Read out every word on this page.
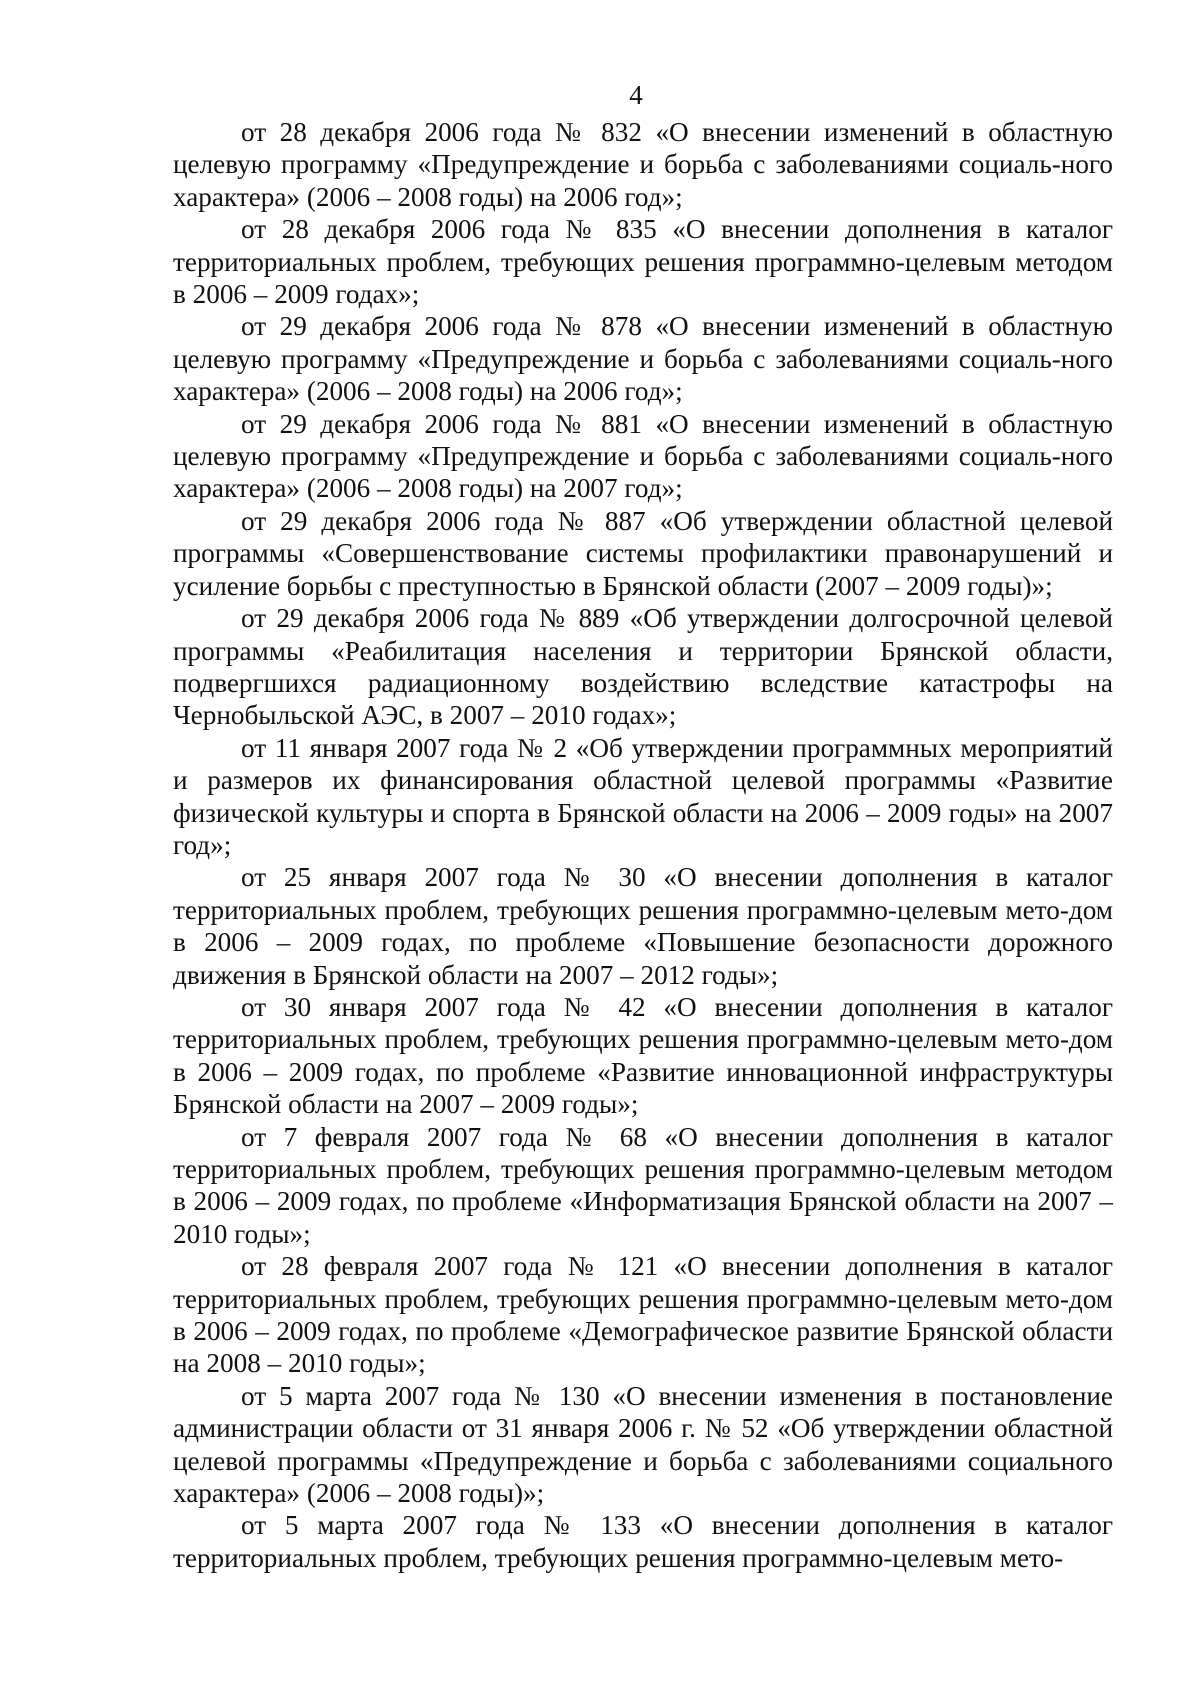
4

от 28 декабря 2006 года № 832 «О внесении изменений в областную целевую программу «Предупреждение и борьба с заболеваниями социаль-ного характера» (2006 – 2008 годы) на 2006 год»;

от 28 декабря 2006 года № 835 «О внесении дополнения в каталог территориальных проблем, требующих решения программно-целевым методом в 2006 – 2009 годах»;

от 29 декабря 2006 года № 878 «О внесении изменений в областную целевую программу «Предупреждение и борьба с заболеваниями социаль-ного характера» (2006 – 2008 годы) на 2006 год»;

от 29 декабря 2006 года № 881 «О внесении изменений в областную целевую программу «Предупреждение и борьба с заболеваниями социаль-ного характера» (2006 – 2008 годы) на 2007 год»;

от 29 декабря 2006 года № 887 «Об утверждении областной целевой программы «Совершенствование системы профилактики правонарушений и усиление борьбы с преступностью в Брянской области (2007 – 2009 годы)»;

от 29 декабря 2006 года № 889 «Об утверждении долгосрочной целевой программы «Реабилитация населения и территории Брянской области, подвергшихся радиационному воздействию вследствие катастрофы на Чернобыльской АЭС, в 2007 – 2010 годах»;

от 11 января 2007 года № 2 «Об утверждении программных мероприятий и размеров их финансирования областной целевой программы «Развитие физической культуры и спорта в Брянской области на 2006 – 2009 годы» на 2007 год»;

от 25 января 2007 года № 30 «О внесении дополнения в каталог территориальных проблем, требующих решения программно-целевым мето-дом в 2006 – 2009 годах, по проблеме «Повышение безопасности дорожного движения в Брянской области на 2007 – 2012 годы»;

от 30 января 2007 года № 42 «О внесении дополнения в каталог территориальных проблем, требующих решения программно-целевым мето-дом в 2006 – 2009 годах, по проблеме «Развитие инновационной инфраструктуры Брянской области на 2007 – 2009 годы»;

от 7 февраля 2007 года № 68 «О внесении дополнения в каталог территориальных проблем, требующих решения программно-целевым методом в 2006 – 2009 годах, по проблеме «Информатизация Брянской области на 2007 – 2010 годы»;

от 28 февраля 2007 года № 121 «О внесении дополнения в каталог территориальных проблем, требующих решения программно-целевым мето-дом в 2006 – 2009 годах, по проблеме «Демографическое развитие Брянской области на 2008 – 2010 годы»;

от 5 марта 2007 года № 130 «О внесении изменения в постановление администрации области от 31 января 2006 г. № 52 «Об утверждении областной целевой программы «Предупреждение и борьба с заболеваниями социального характера» (2006 – 2008 годы)»;

от 5 марта 2007 года № 133 «О внесении дополнения в каталог территориальных проблем, требующих решения программно-целевым мето-
